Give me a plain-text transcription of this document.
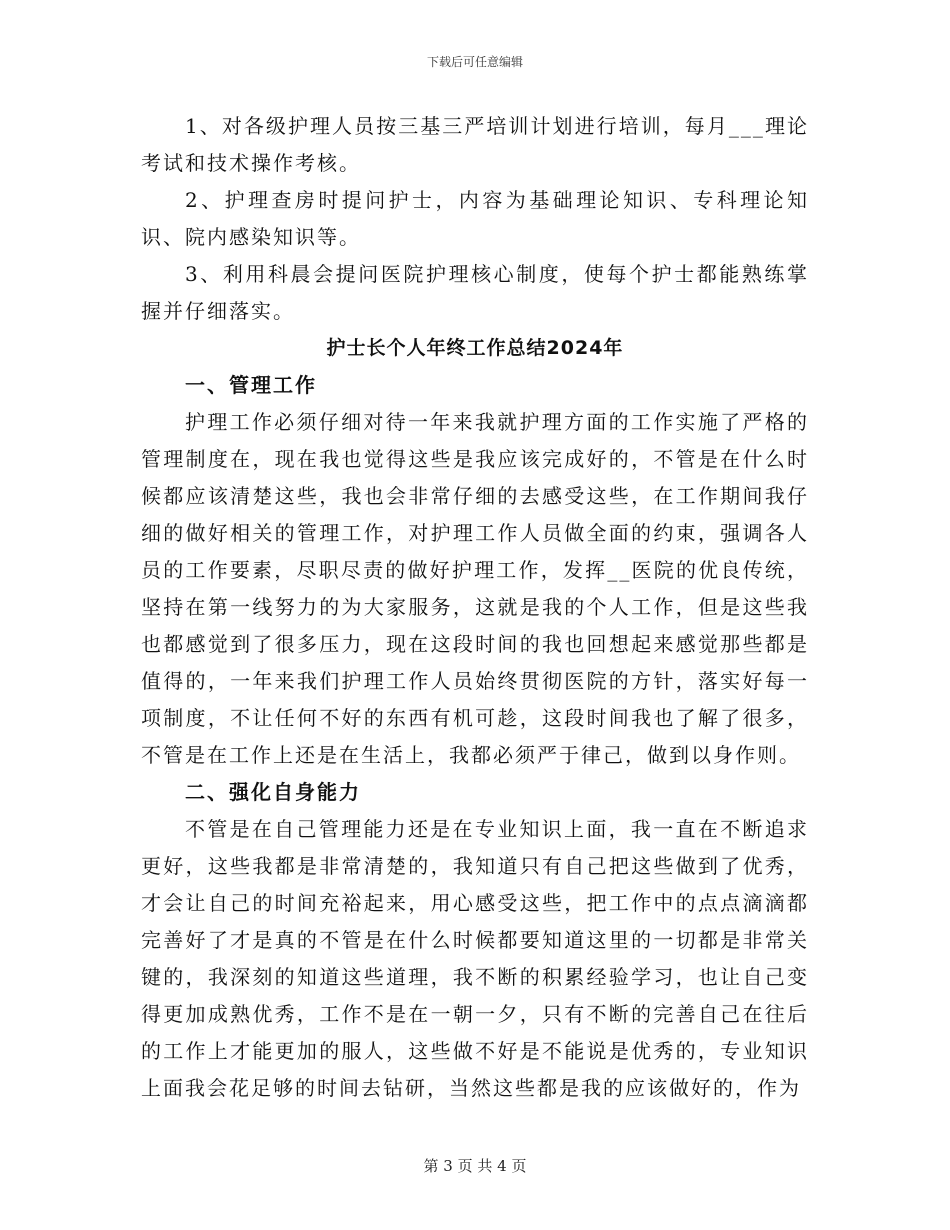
下载后可任意编辑

1、对各级护理人员按三基三严培训计划进行培训，每月___理论考试和技术操作考核。

2、护理查房时提问护士，内容为基础理论知识、专科理论知识、院内感染知识等。

3、利用科晨会提问医院护理核心制度，使每个护士都能熟练掌握并仔细落实。

护士长个人年终工作总结2024年
一、管理工作

护理工作必须仔细对待一年来我就护理方面的工作实施了严格的管理制度在，现在我也觉得这些是我应该完成好的，不管是在什么时候都应该清楚这些，我也会非常仔细的去感受这些，在工作期间我仔细的做好相关的管理工作，对护理工作人员做全面的约束，强调各人员的工作要素，尽职尽责的做好护理工作，发挥__医院的优良传统，坚持在第一线努力的为大家服务，这就是我的个人工作，但是这些我也都感觉到了很多压力，现在这段时间的我也回想起来感觉那些都是值得的，一年来我们护理工作人员始终贯彻医院的方针，落实好每一项制度，不让任何不好的东西有机可趁，这段时间我也了解了很多，不管是在工作上还是在生活上，我都必须严于律己，做到以身作则。

二、强化自身能力

不管是在自己管理能力还是在专业知识上面，我一直在不断追求更好，这些我都是非常清楚的，我知道只有自己把这些做到了优秀，才会让自己的时间充裕起来，用心感受这些，把工作中的点点滴滴都完善好了才是真的不管是在什么时候都要知道这里的一切都是非常关键的，我深刻的知道这些道理，我不断的积累经验学习，也让自己变得更加成熟优秀，工作不是在一朝一夕，只有不断的完善自己在往后的工作上才能更加的服人，这些做不好是不能说是优秀的，专业知识上面我会花足够的时间去钻研，当然这些都是我的应该做好的，作为

第 3 页 共 4 页
